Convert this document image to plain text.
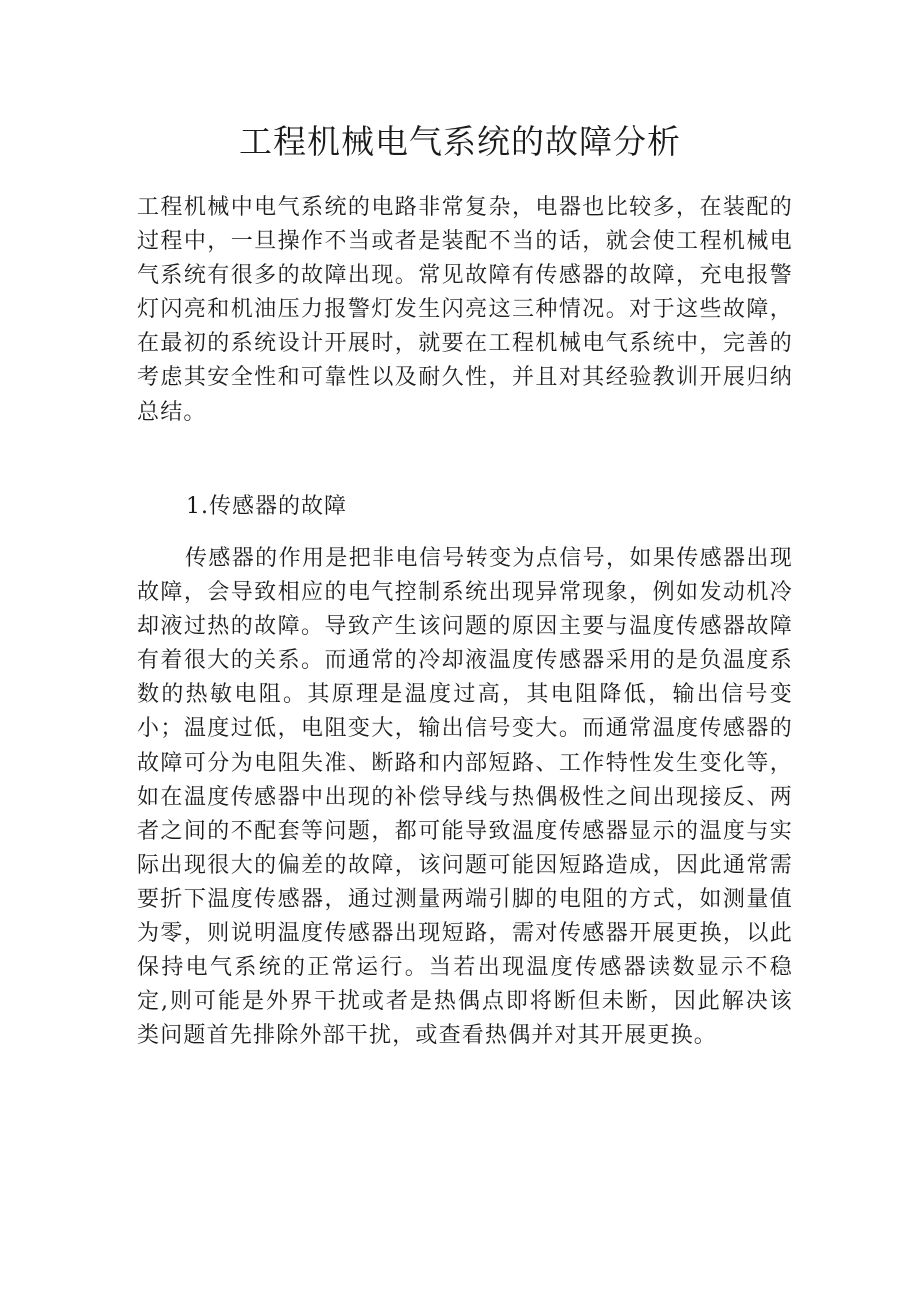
工程机械电气系统的故障分析

工程机械中电气系统的电路非常复杂，电器也比较多，在装配的过程中，一旦操作不当或者是装配不当的话，就会使工程机械电气系统有很多的故障出现。常见故障有传感器的故障，充电报警灯闪亮和机油压力报警灯发生闪亮这三种情况。对于这些故障，在最初的系统设计开展时，就要在工程机械电气系统中，完善的考虑其安全性和可靠性以及耐久性，并且对其经验教训开展归纳总结。

1.传感器的故障

传感器的作用是把非电信号转变为点信号，如果传感器出现故障，会导致相应的电气控制系统出现异常现象，例如发动机冷却液过热的故障。导致产生该问题的原因主要与温度传感器故障有着很大的关系。而通常的冷却液温度传感器采用的是负温度系数的热敏电阻。其原理是温度过高，其电阻降低，输出信号变小；温度过低，电阻变大，输出信号变大。而通常温度传感器的故障可分为电阻失准、断路和内部短路、工作特性发生变化等，如在温度传感器中出现的补偿导线与热偶极性之间出现接反、两者之间的不配套等问题，都可能导致温度传感器显示的温度与实际出现很大的偏差的故障，该问题可能因短路造成，因此通常需要折下温度传感器，通过测量两端引脚的电阻的方式，如测量值为零，则说明温度传感器出现短路，需对传感器开展更换，以此保持电气系统的正常运行。当若出现温度传感器读数显示不稳定,则可能是外界干扰或者是热偶点即将断但未断，因此解决该类问题首先排除外部干扰，或查看热偶并对其开展更换。
